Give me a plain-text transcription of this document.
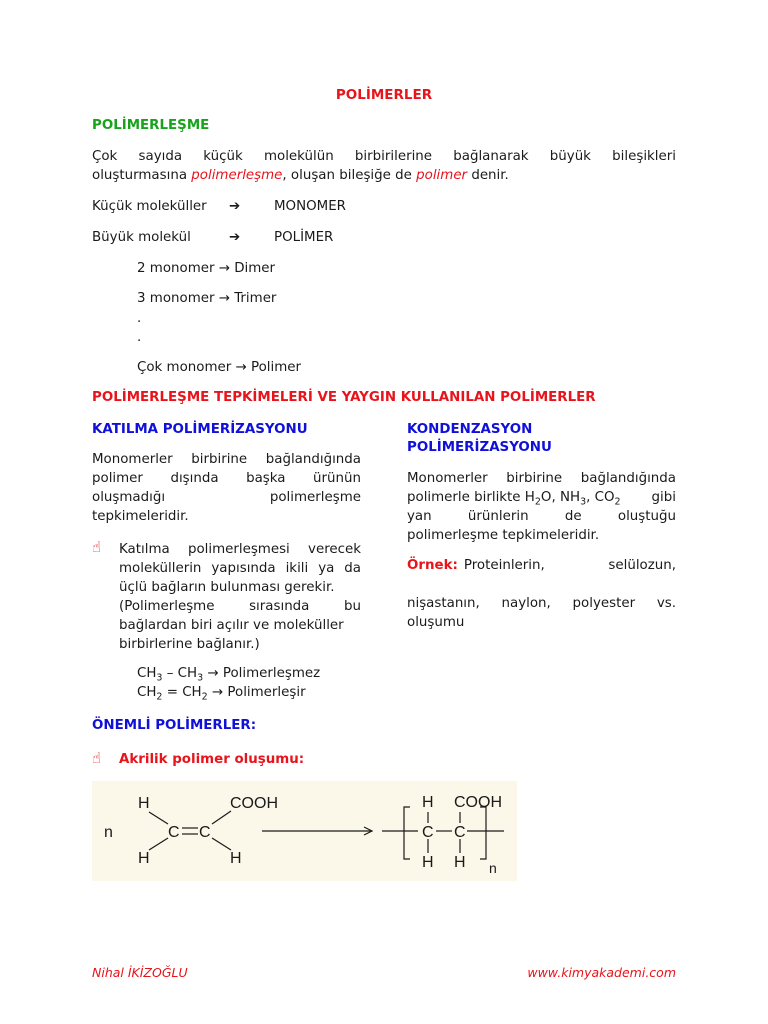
POLİMERLER
POLİMERLEŞME
Çok sayıda küçük molekülün birbirilerine bağlanarak büyük bileşikleri
oluşturmasına polimerleşme, oluşan bileşiğe de polimer denir.
Küçük moleküller ➔	MONOMER
Büyük molekül	➔	POLİMER
2 monomer → Dimer
3 monomer → Trimer
.
.
Çok monomer → Polimer
POLİMERLEŞME TEPKİMELERİ VE YAYGIN KULLANILAN POLİMERLER
KATILMA POLİMERİZASYONU
Monomerler birbirine bağlandığında
polimer dışında başka ürünün
oluşmadığı polimerleşme
tepkimeleridir.
☝ Katılma polimerleşmesi verecek
moleküllerin yapısında ikili ya da
üçlü bağların bulunması gerekir.
(Polimerleşme sırasında bu
bağlardan biri açılır ve moleküller
birbirlerine bağlanır.)
$CH_3 - CH_3$ → Polimerleşmez
$CH_2 = CH_2$ → Polimerleşir
KONDENZASYON
POLİMERİZASYONU
Monomerler birbirine bağlandığında
polimerle birlikte $H_2O$, $NH_3$, $CO_2$ gibi
yan ürünlerin de oluştuğu
polimerleşme tepkimeleridir.
Örnek: Proteinlerin, selülozun,
nişastanın, naylon, polyester vs.
oluşumu
ÖNEMLİ POLİMERLER:
☝ Akrilik polimer oluşumu:
n
H
H
C C
COOH
H
H COOH
C C
H H n
Nihal İKİZOĞLU	www.kimyakademi.com
